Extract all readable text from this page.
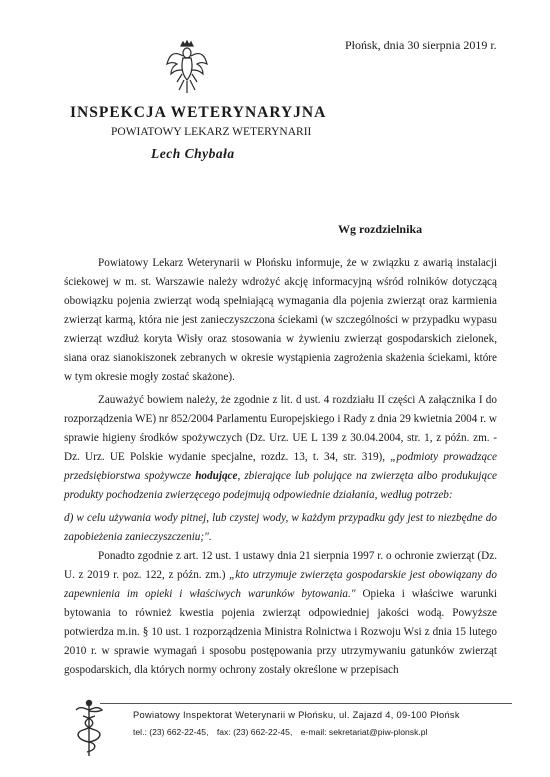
Płońsk, dnia 30 sierpnia 2019 r.
INSPEKCJA WETERYNARYJNA
POWIATOWY LEKARZ WETERYNARII
Lech Chybała
Wg rozdzielnika

Powiatowy Lekarz Weterynarii w Płońsku informuje, że w związku z awarią instalacji ściekowej w m. st. Warszawie należy wdrożyć akcję informacyjną wśród rolników dotyczącą obowiązku pojenia zwierząt wodą spełniającą wymagania dla pojenia zwierząt oraz karmienia zwierząt karmą, która nie jest zanieczyszczona ściekami (w szczególności w przypadku wypasu zwierząt wzdłuż koryta Wisły oraz stosowania w żywieniu zwierząt gospodarskich zielonek, siana oraz sianokiszonek zebranych w okresie wystąpienia zagrożenia skażenia ściekami, które w tym okresie mogły zostać skażone).

Zauważyć bowiem należy, że zgodnie z lit. d ust. 4 rozdziału II części A załącznika I do rozporządzenia WE) nr 852/2004 Parlamentu Europejskiego i Rady z dnia 29 kwietnia 2004 r. w sprawie higieny środków spożywczych (Dz. Urz. UE L 139 z 30.04.2004, str. 1, z późn. zm. - Dz. Urz. UE Polskie wydanie specjalne, rozdz. 13, t. 34, str. 319), „podmioty prowadzące przedsiębiorstwa spożywcze hodujące, zbierające lub polujące na zwierzęta albo produkujące produkty pochodzenia zwierzęcego podejmują odpowiednie działania, według potrzeb:

d) w celu używania wody pitnej, lub czystej wody, w każdym przypadku gdy jest to niezbędne do zapobieżenia zanieczyszczeniu;".

Ponadto zgodnie z art. 12 ust. 1 ustawy dnia 21 sierpnia 1997 r. o ochronie zwierząt (Dz. U. z 2019 r. poz. 122, z późn. zm.) „kto utrzymuje zwierzęta gospodarskie jest obowiązany do zapewnienia im opieki i właściwych warunków bytowania." Opieka i właściwe warunki bytowania to również kwestia pojenia zwierząt odpowiedniej jakości wodą. Powyższe potwierdza m.in. § 10 ust. 1 rozporządzenia Ministra Rolnictwa i Rozwoju Wsi z dnia 15 lutego 2010 r. w sprawie wymagań i sposobu postępowania przy utrzymywaniu gatunków zwierząt gospodarskich, dla których normy ochrony zostały określone w przepisach

Powiatowy Inspektorat Weterynarii w Płońsku, ul. Zajazd 4, 09-100 Płońsk
tel.: (23) 662-22-45, fax: (23) 662-22-45, e-mail: sekretariat@piw-plonsk.pl
